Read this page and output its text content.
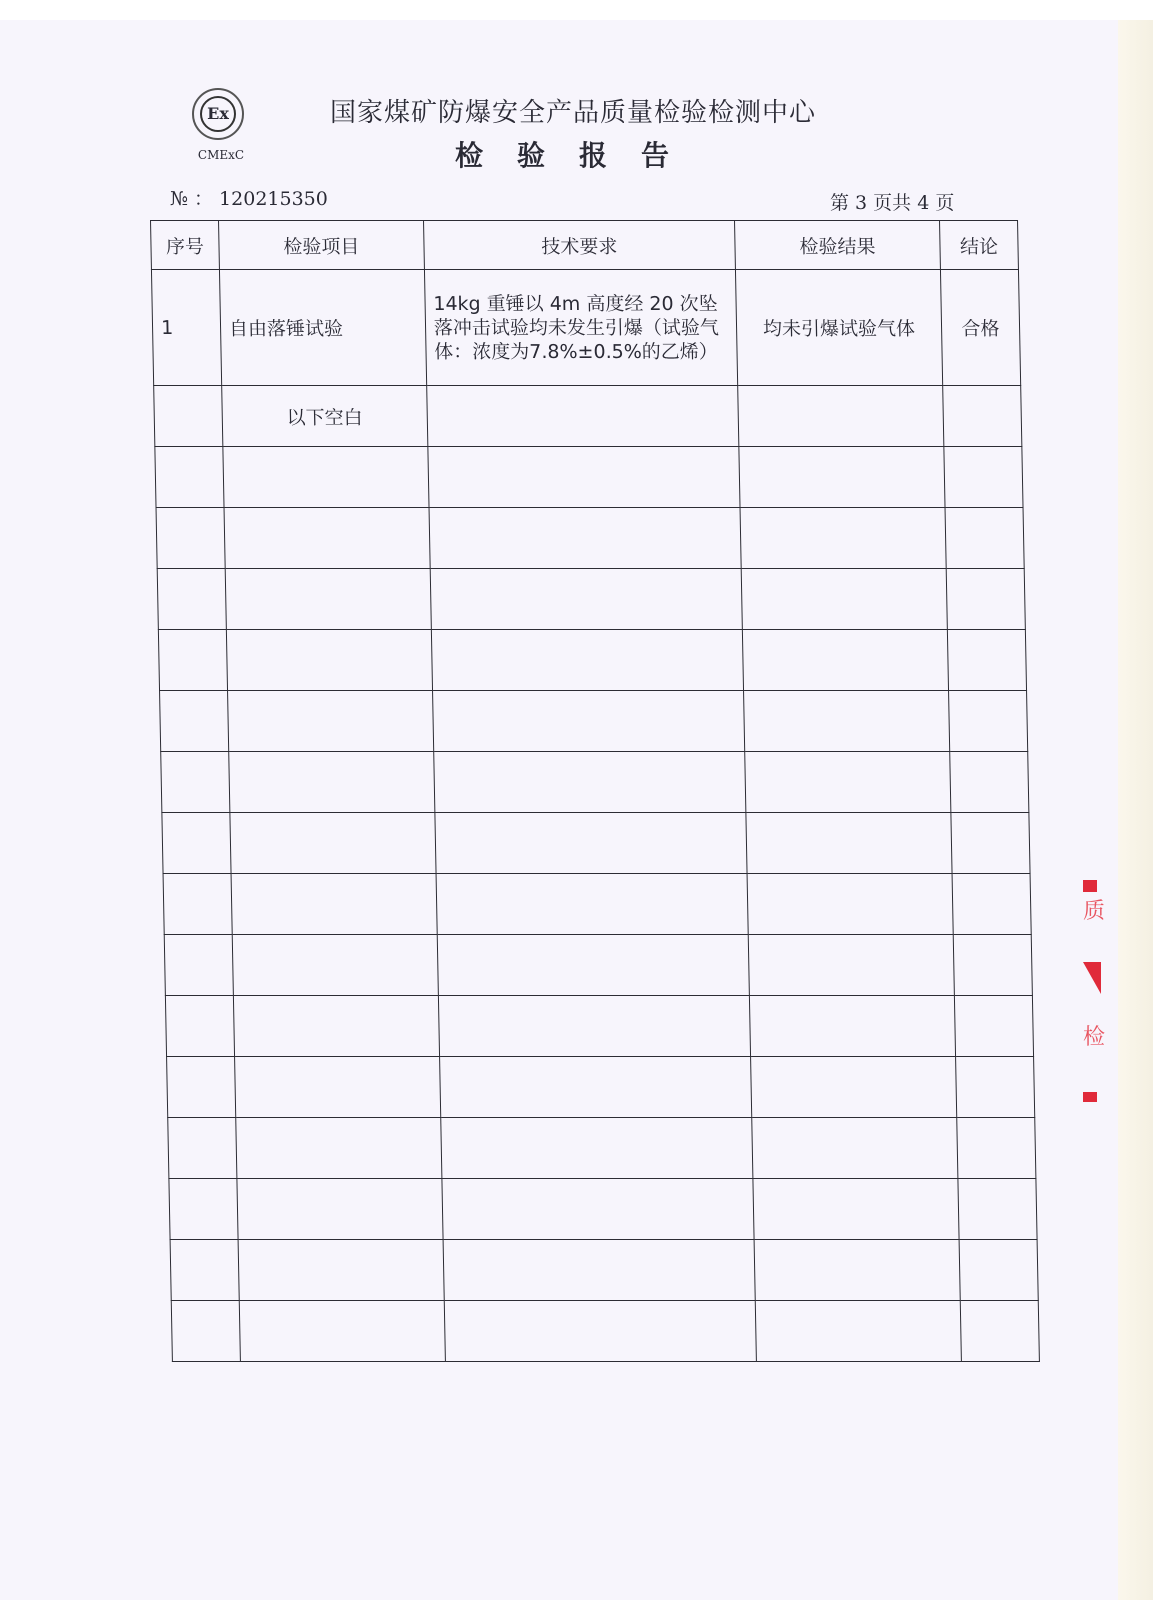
Ex
CMExC
国家煤矿防爆安全产品质量检验检测中心
检验报告
№ ： 120215350	第 3 页共 4 页
序号	检验项目	技术要求	检验结果	结论
1	自由落锤试验	14kg 重锤以 4m 高度经 20 次坠落冲击试验均未发生引爆（试验气体：浓度为7.8%±0.5%的乙烯）	均未引爆试验气体	合格
	以下空白			

质
检
